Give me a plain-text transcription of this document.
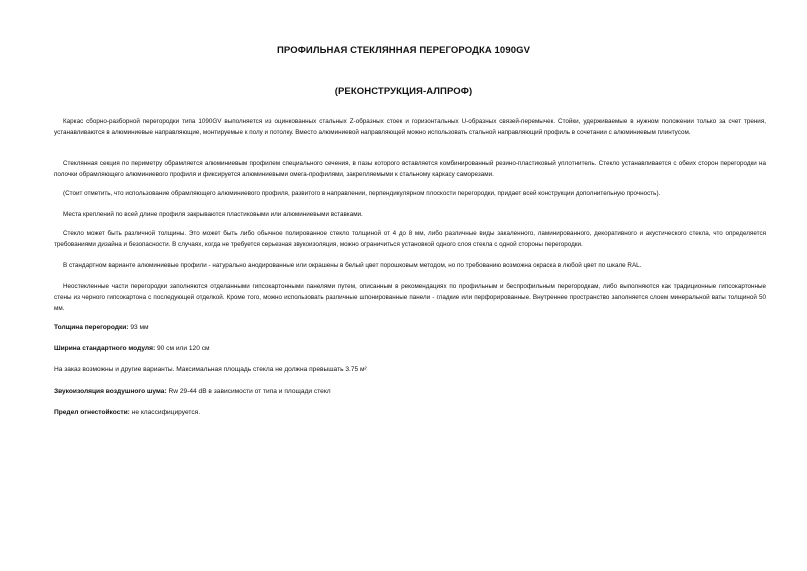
ПРОФИЛЬНАЯ СТЕКЛЯННАЯ ПЕРЕГОРОДКА 1090GV
(РЕКОНСТРУКЦИЯ-АЛПРОФ)

Каркас сборно-разборной перегородки типа 1090GV выполняется из оцинкованных стальных Z-образных стоек и горизонтальных U-образных связей-перемычек. Стойки, удерживаемые в нужном положении только за счет трения, устанавливаются в алюминиевые направляющие, монтируемые к полу и потолку. Вместо алюминиевой направляющей можно использовать стальной направляющий профиль в сочетании с алюминиевым плинтусом.

Стеклянная секция по периметру обрамляется алюминиевым профилем специального сечения, в пазы которого вставляется комбинированный резино-пластиковый уплотнитель. Стекло устанавливается с обеих сторон перегородки на полочки обрамляющего алюминиевого профиля и фиксируется алюминиевыми омега-профилями, закрепляемыми к стальному каркасу саморезами.

(Стоит отметить, что использование обрамляющего алюминиевого профиля, развитого в направлении, перпендикулярном плоскости перегородки, придает всей конструкции дополнительную прочность).

Места креплений по всей длине профиля закрываются пластиковыми или алюминиевыми вставками.

Стекло может быть различной толщины. Это может быть либо обычное полированное стекло толщиной от 4 до 8 мм, либо различные виды закаленного, ламинированного, декоративного и акустического стекла, что определяется требованиями дизайна и безопасности. В случаях, когда не требуется серьезная звукоизоляция, можно ограничиться установкой одного слоя стекла с одной стороны перегородки.

В стандартном варианте алюминиевые профили - натурально анодированные или окрашены в белый цвет порошковым методом, но по требованию возможна окраска в любой цвет по шкале RAL.

Неостекленные части перегородки заполняются отделанными гипсокартонными панелями путем, описанным в рекомендациях по профильным и беспрофильным перегородкам, либо выполняются как традиционные гипсокартонные стены из черного гипсокартона с последующей отделкой. Кроме того, можно использовать различные шпонированные панели - гладкие или перфорированные. Внутреннее пространство заполняется слоем минеральной ваты толщиной 50 мм.

Толщина перегородки: 93 мм

Ширина стандартного модуля: 90 см или 120 см

На заказ возможны и другие варианты. Максимальная площадь стекла не должна превышать 3.75 м²

Звукоизоляция воздушного шума: Rw 29-44 dB в зависимости от типа и площади стекл

Предел огнестойкости: не классифицируется.
